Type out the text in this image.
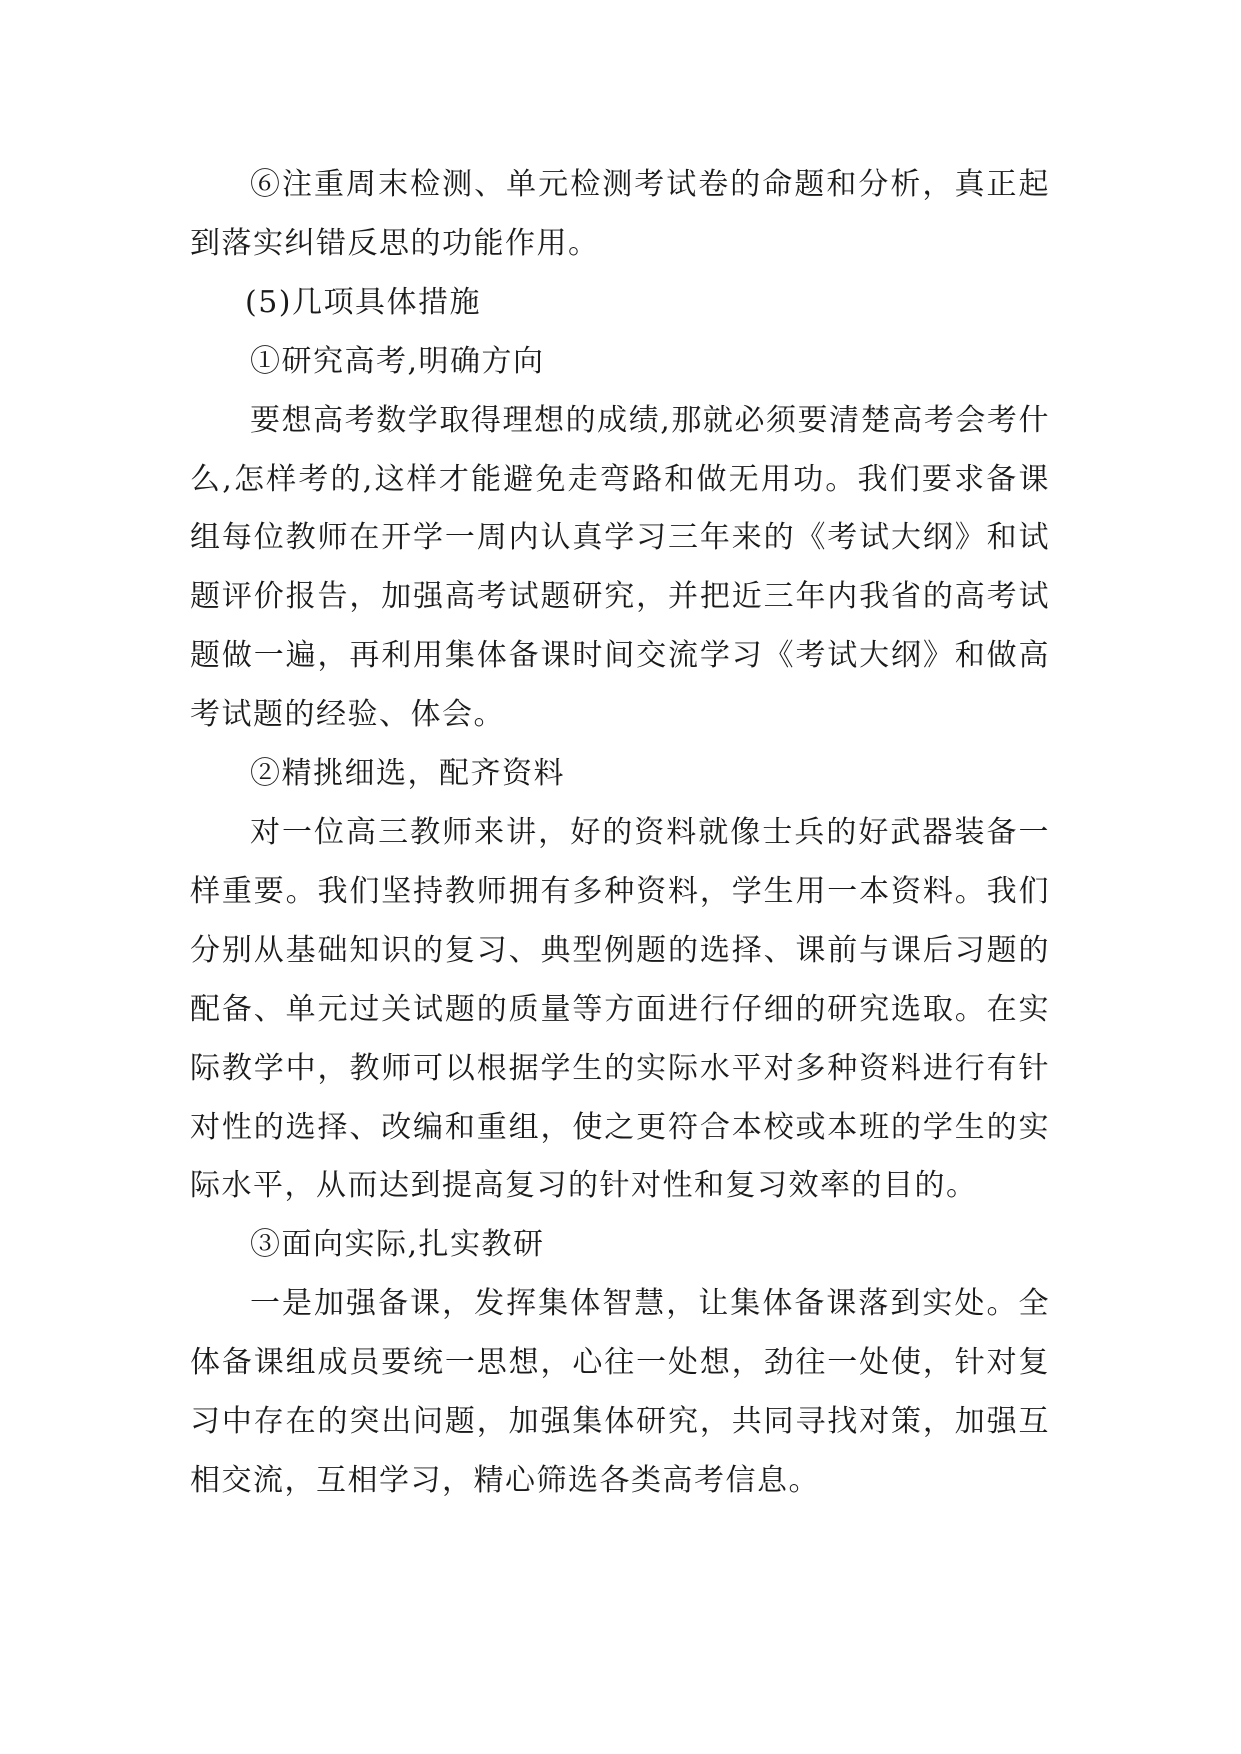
⑥注重周末检测、单元检测考试卷的命题和分析，真正起到落实纠错反思的功能作用。

(5)几项具体措施

①研究高考,明确方向

要想高考数学取得理想的成绩,那就必须要清楚高考会考什么,怎样考的,这样才能避免走弯路和做无用功。我们要求备课组每位教师在开学一周内认真学习三年来的《考试大纲》和试题评价报告，加强高考试题研究，并把近三年内我省的高考试题做一遍，再利用集体备课时间交流学习《考试大纲》和做高考试题的经验、体会。

②精挑细选，配齐资料

对一位高三教师来讲，好的资料就像士兵的好武器装备一样重要。我们坚持教师拥有多种资料，学生用一本资料。我们分别从基础知识的复习、典型例题的选择、课前与课后习题的配备、单元过关试题的质量等方面进行仔细的研究选取。在实际教学中，教师可以根据学生的实际水平对多种资料进行有针对性的选择、改编和重组，使之更符合本校或本班的学生的实际水平，从而达到提高复习的针对性和复习效率的目的。

③面向实际,扎实教研

一是加强备课，发挥集体智慧，让集体备课落到实处。全体备课组成员要统一思想，心往一处想，劲往一处使，针对复习中存在的突出问题，加强集体研究，共同寻找对策，加强互相交流，互相学习，精心筛选各类高考信息。
